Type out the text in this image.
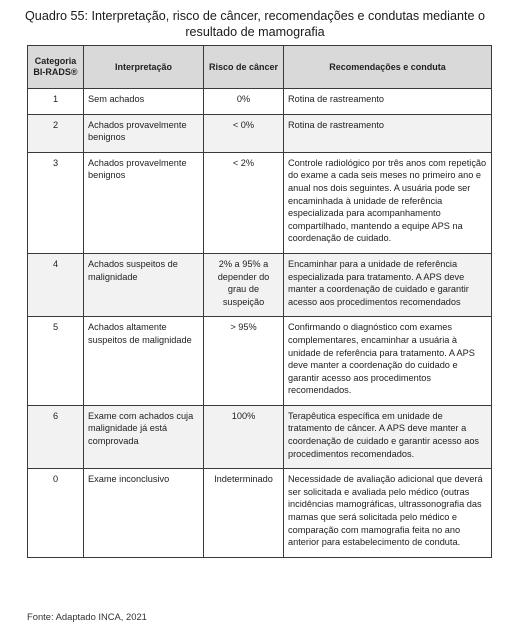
Quadro 55: Interpretação, risco de câncer, recomendações e condutas mediante o
resultado de mamografia
Categoria
BI-RADS®	Interpretação	Risco de câncer	Recomendações e conduta
1	Sem achados	0%	Rotina de rastreamento
2	Achados provavelmente benignos	< 0%	Rotina de rastreamento
3	Achados provavelmente benignos	< 2%	Controle radiológico por três anos com repetição do exame a cada seis meses no primeiro ano e anual nos dois seguintes. A usuária pode ser encaminhada à unidade de referência especializada para acompanhamento compartilhado, mantendo a equipe APS na coordenação de cuidado.
4	Achados suspeitos de malignidade	2% a 95% a depender do grau de suspeição	Encaminhar para a unidade de referência especializada para tratamento. A APS deve manter a coordenação de cuidado e garantir acesso aos procedimentos recomendados
5	Achados altamente suspeitos de malignidade	> 95%	Confirmando o diagnóstico com exames complementares, encaminhar a usuária à unidade de referência para tratamento. A APS deve manter a coordenação do cuidado e garantir acesso aos procedimentos recomendados.
6	Exame com achados cuja malignidade já está comprovada	100%	Terapêutica específica em unidade de tratamento de câncer. A APS deve manter a coordenação de cuidado e garantir acesso aos procedimentos recomendados.
0	Exame inconclusivo	Indeterminado	Necessidade de avaliação adicional que deverá ser solicitada e avaliada pelo médico (outras incidências mamográficas, ultrassonografia das mamas que será solicitada pelo médico e comparação com mamografia feita no ano anterior para estabelecimento de conduta.
Fonte: Adaptado INCA, 2021
